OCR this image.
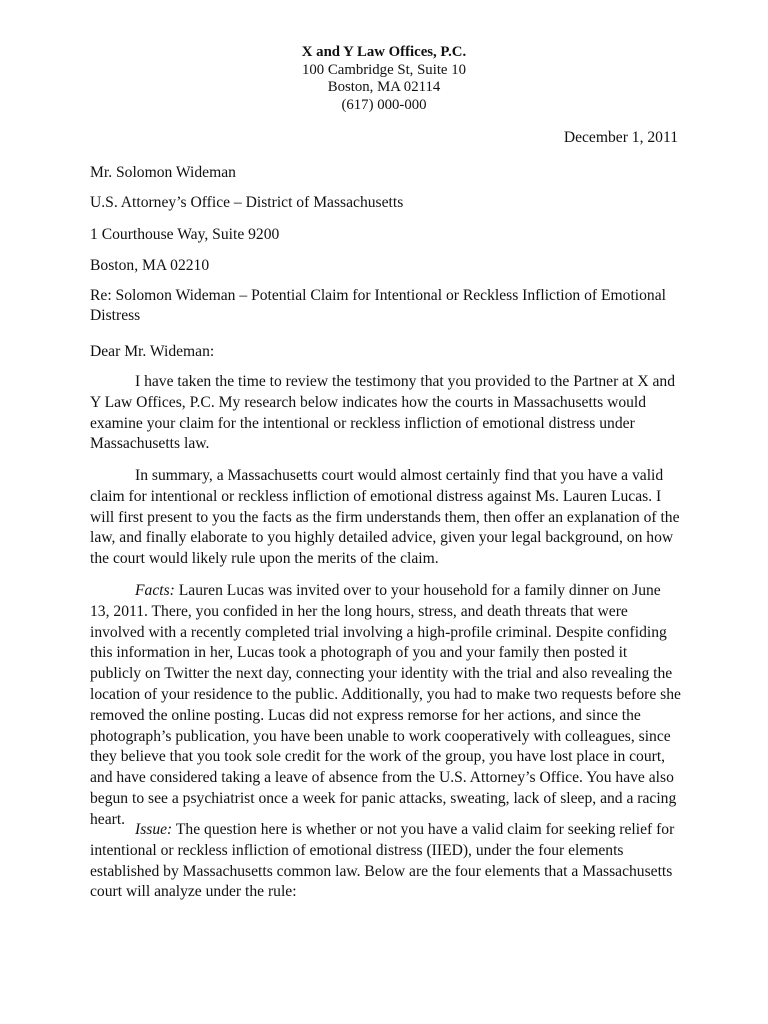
X and Y Law Offices, P.C.
100 Cambridge St, Suite 10
Boston, MA 02114
(617) 000-000
December 1, 2011
Mr. Solomon Wideman
U.S. Attorney’s Office – District of Massachusetts
1 Courthouse Way, Suite 9200
Boston, MA 02210
Re: Solomon Wideman – Potential Claim for Intentional or Reckless Infliction of Emotional Distress
Dear Mr. Wideman:
I have taken the time to review the testimony that you provided to the Partner at X and Y Law Offices, P.C. My research below indicates how the courts in Massachusetts would examine your claim for the intentional or reckless infliction of emotional distress under Massachusetts law.
In summary, a Massachusetts court would almost certainly find that you have a valid claim for intentional or reckless infliction of emotional distress against Ms. Lauren Lucas. I will first present to you the facts as the firm understands them, then offer an explanation of the law, and finally elaborate to you highly detailed advice, given your legal background, on how the court would likely rule upon the merits of the claim.
Facts: Lauren Lucas was invited over to your household for a family dinner on June 13, 2011. There, you confided in her the long hours, stress, and death threats that were involved with a recently completed trial involving a high-profile criminal. Despite confiding this information in her, Lucas took a photograph of you and your family then posted it publicly on Twitter the next day, connecting your identity with the trial and also revealing the location of your residence to the public. Additionally, you had to make two requests before she removed the online posting. Lucas did not express remorse for her actions, and since the photograph’s publication, you have been unable to work cooperatively with colleagues, since they believe that you took sole credit for the work of the group, you have lost place in court, and have considered taking a leave of absence from the U.S. Attorney’s Office. You have also begun to see a psychiatrist once a week for panic attacks, sweating, lack of sleep, and a racing heart.
Issue: The question here is whether or not you have a valid claim for seeking relief for intentional or reckless infliction of emotional distress (IIED), under the four elements established by Massachusetts common law. Below are the four elements that a Massachusetts court will analyze under the rule:
